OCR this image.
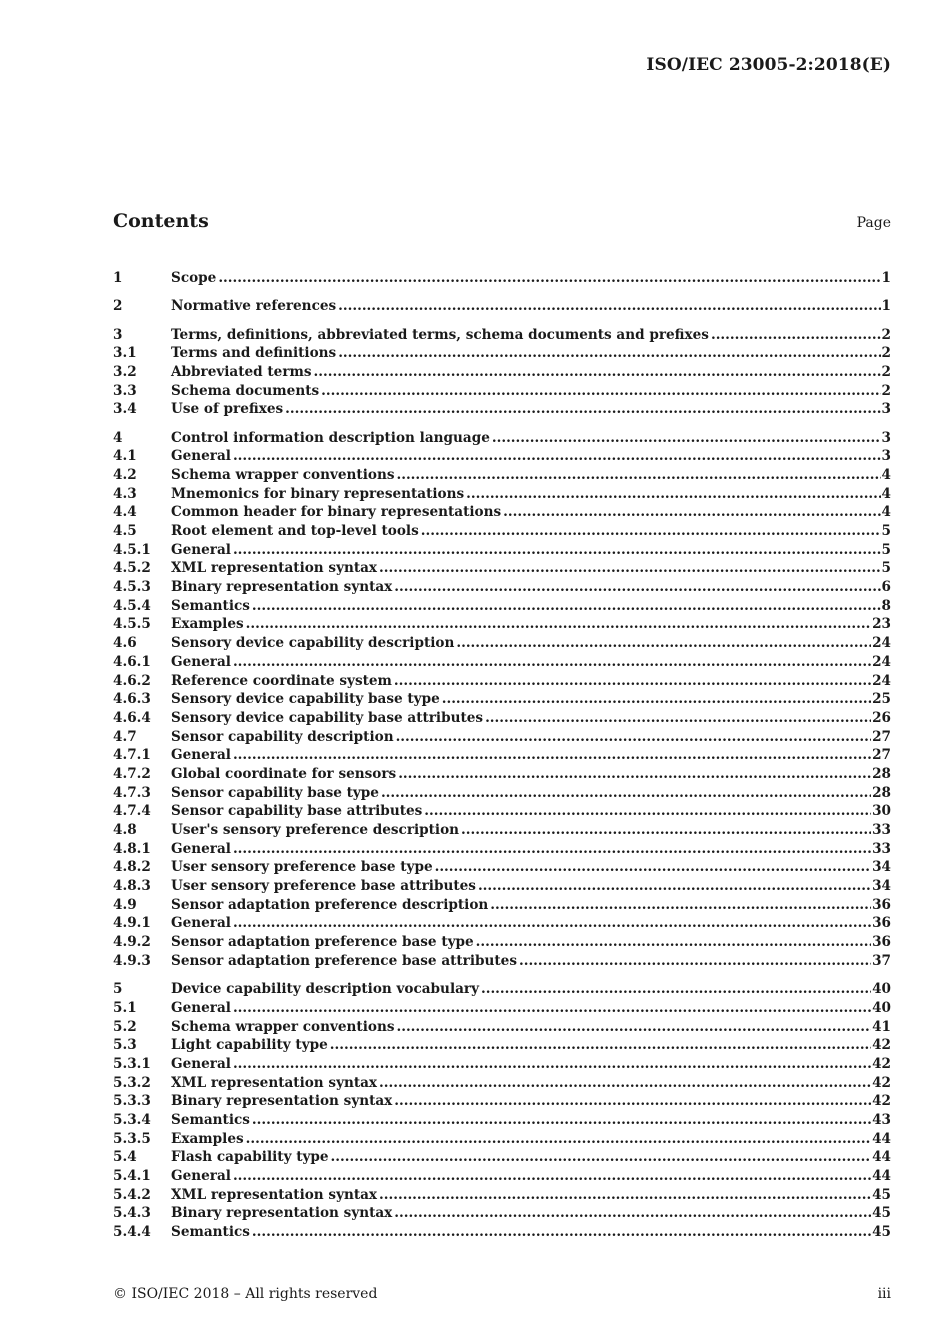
ISO/IEC 23005-2:2018(E)
Contents	Page
1	Scope .....	1
2	Normative references .....	1
3	Terms, definitions, abbreviated terms, schema documents and prefixes .....	2
3.1	Terms and definitions .....	2
3.2	Abbreviated terms .....	2
3.3	Schema documents .....	2
3.4	Use of prefixes .....	3
4	Control information description language .....	3
4.1	General .....	3
4.2	Schema wrapper conventions .....	4
4.3	Mnemonics for binary representations .....	4
4.4	Common header for binary representations .....	4
4.5	Root element and top-level tools .....	5
4.5.1	General .....	5
4.5.2	XML representation syntax .....	5
4.5.3	Binary representation syntax .....	6
4.5.4	Semantics .....	8
4.5.5	Examples .....	23
4.6	Sensory device capability description .....	24
4.6.1	General .....	24
4.6.2	Reference coordinate system .....	24
4.6.3	Sensory device capability base type .....	25
4.6.4	Sensory device capability base attributes .....	26
4.7	Sensor capability description .....	27
4.7.1	General .....	27
4.7.2	Global coordinate for sensors .....	28
4.7.3	Sensor capability base type .....	28
4.7.4	Sensor capability base attributes .....	30
4.8	User's sensory preference description .....	33
4.8.1	General .....	33
4.8.2	User sensory preference base type .....	34
4.8.3	User sensory preference base attributes .....	34
4.9	Sensor adaptation preference description .....	36
4.9.1	General .....	36
4.9.2	Sensor adaptation preference base type .....	36
4.9.3	Sensor adaptation preference base attributes .....	37
5	Device capability description vocabulary .....	40
5.1	General .....	40
5.2	Schema wrapper conventions .....	41
5.3	Light capability type .....	42
5.3.1	General .....	42
5.3.2	XML representation syntax .....	42
5.3.3	Binary representation syntax .....	42
5.3.4	Semantics .....	43
5.3.5	Examples .....	44
5.4	Flash capability type .....	44
5.4.1	General .....	44
5.4.2	XML representation syntax .....	45
5.4.3	Binary representation syntax .....	45
5.4.4	Semantics .....	45
© ISO/IEC 2018 – All rights reserved	iii
